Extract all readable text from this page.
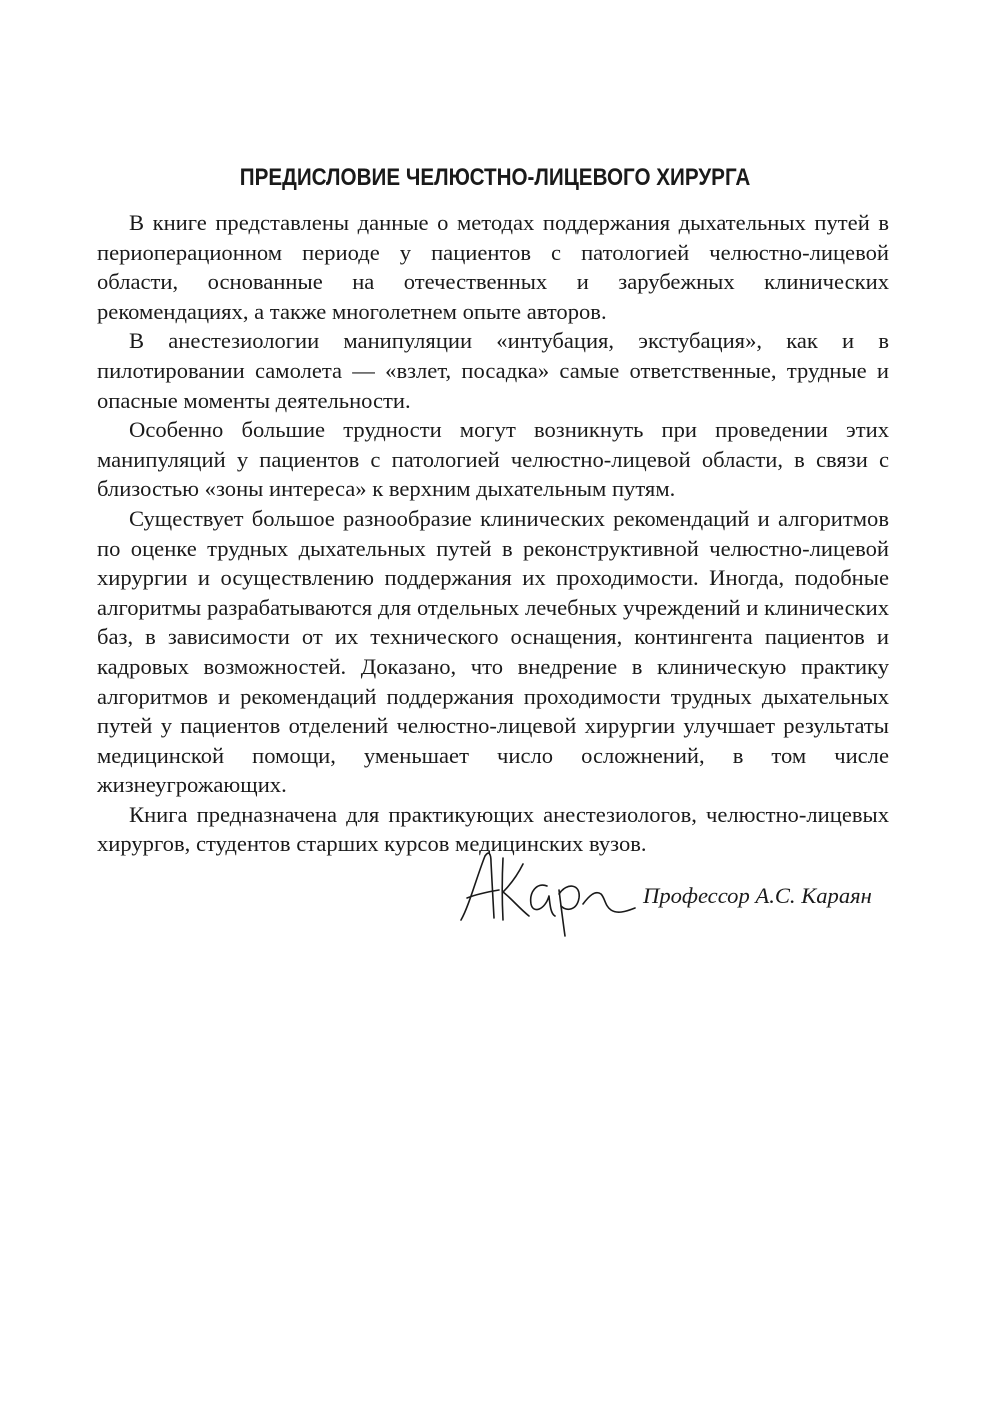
ПРЕДИСЛОВИЕ ЧЕЛЮСТНО-ЛИЦЕВОГО ХИРУРГА

В книге представлены данные о методах поддержания дыхательных путей в периоперационном периоде у пациентов с патологией челюстно-лицевой области, основанные на отечественных и зарубежных клинических рекомендациях, а также многолетнем опыте авторов.

В анестезиологии манипуляции «интубация, экстубация», как и в пилотировании самолета — «взлет, посадка» самые ответственные, трудные и опасные моменты деятельности.

Особенно большие трудности могут возникнуть при проведении этих манипуляций у пациентов с патологией челюстно-лицевой области, в связи с близостью «зоны интереса» к верхним дыхательным путям.

Существует большое разнообразие клинических рекомендаций и алгоритмов по оценке трудных дыхательных путей в реконструктивной челюстно-лицевой хирургии и осуществлению поддержания их проходимости. Иногда, подобные алгоритмы разрабатываются для отдельных лечебных учреждений и клинических баз, в зависимости от их технического оснащения, контингента пациентов и кадровых возможностей. Доказано, что внедрение в клиническую практику алгоритмов и рекомендаций поддержания проходимости трудных дыхательных путей у пациентов отделений челюстно-лицевой хирургии улучшает результаты медицинской помощи, уменьшает число осложнений, в том числе жизнеугрожающих.

Книга предназначена для практикующих анестезиологов, челюстно-лицевых хирургов, студентов старших курсов медицинских вузов.

Профессор А.С. Караян
